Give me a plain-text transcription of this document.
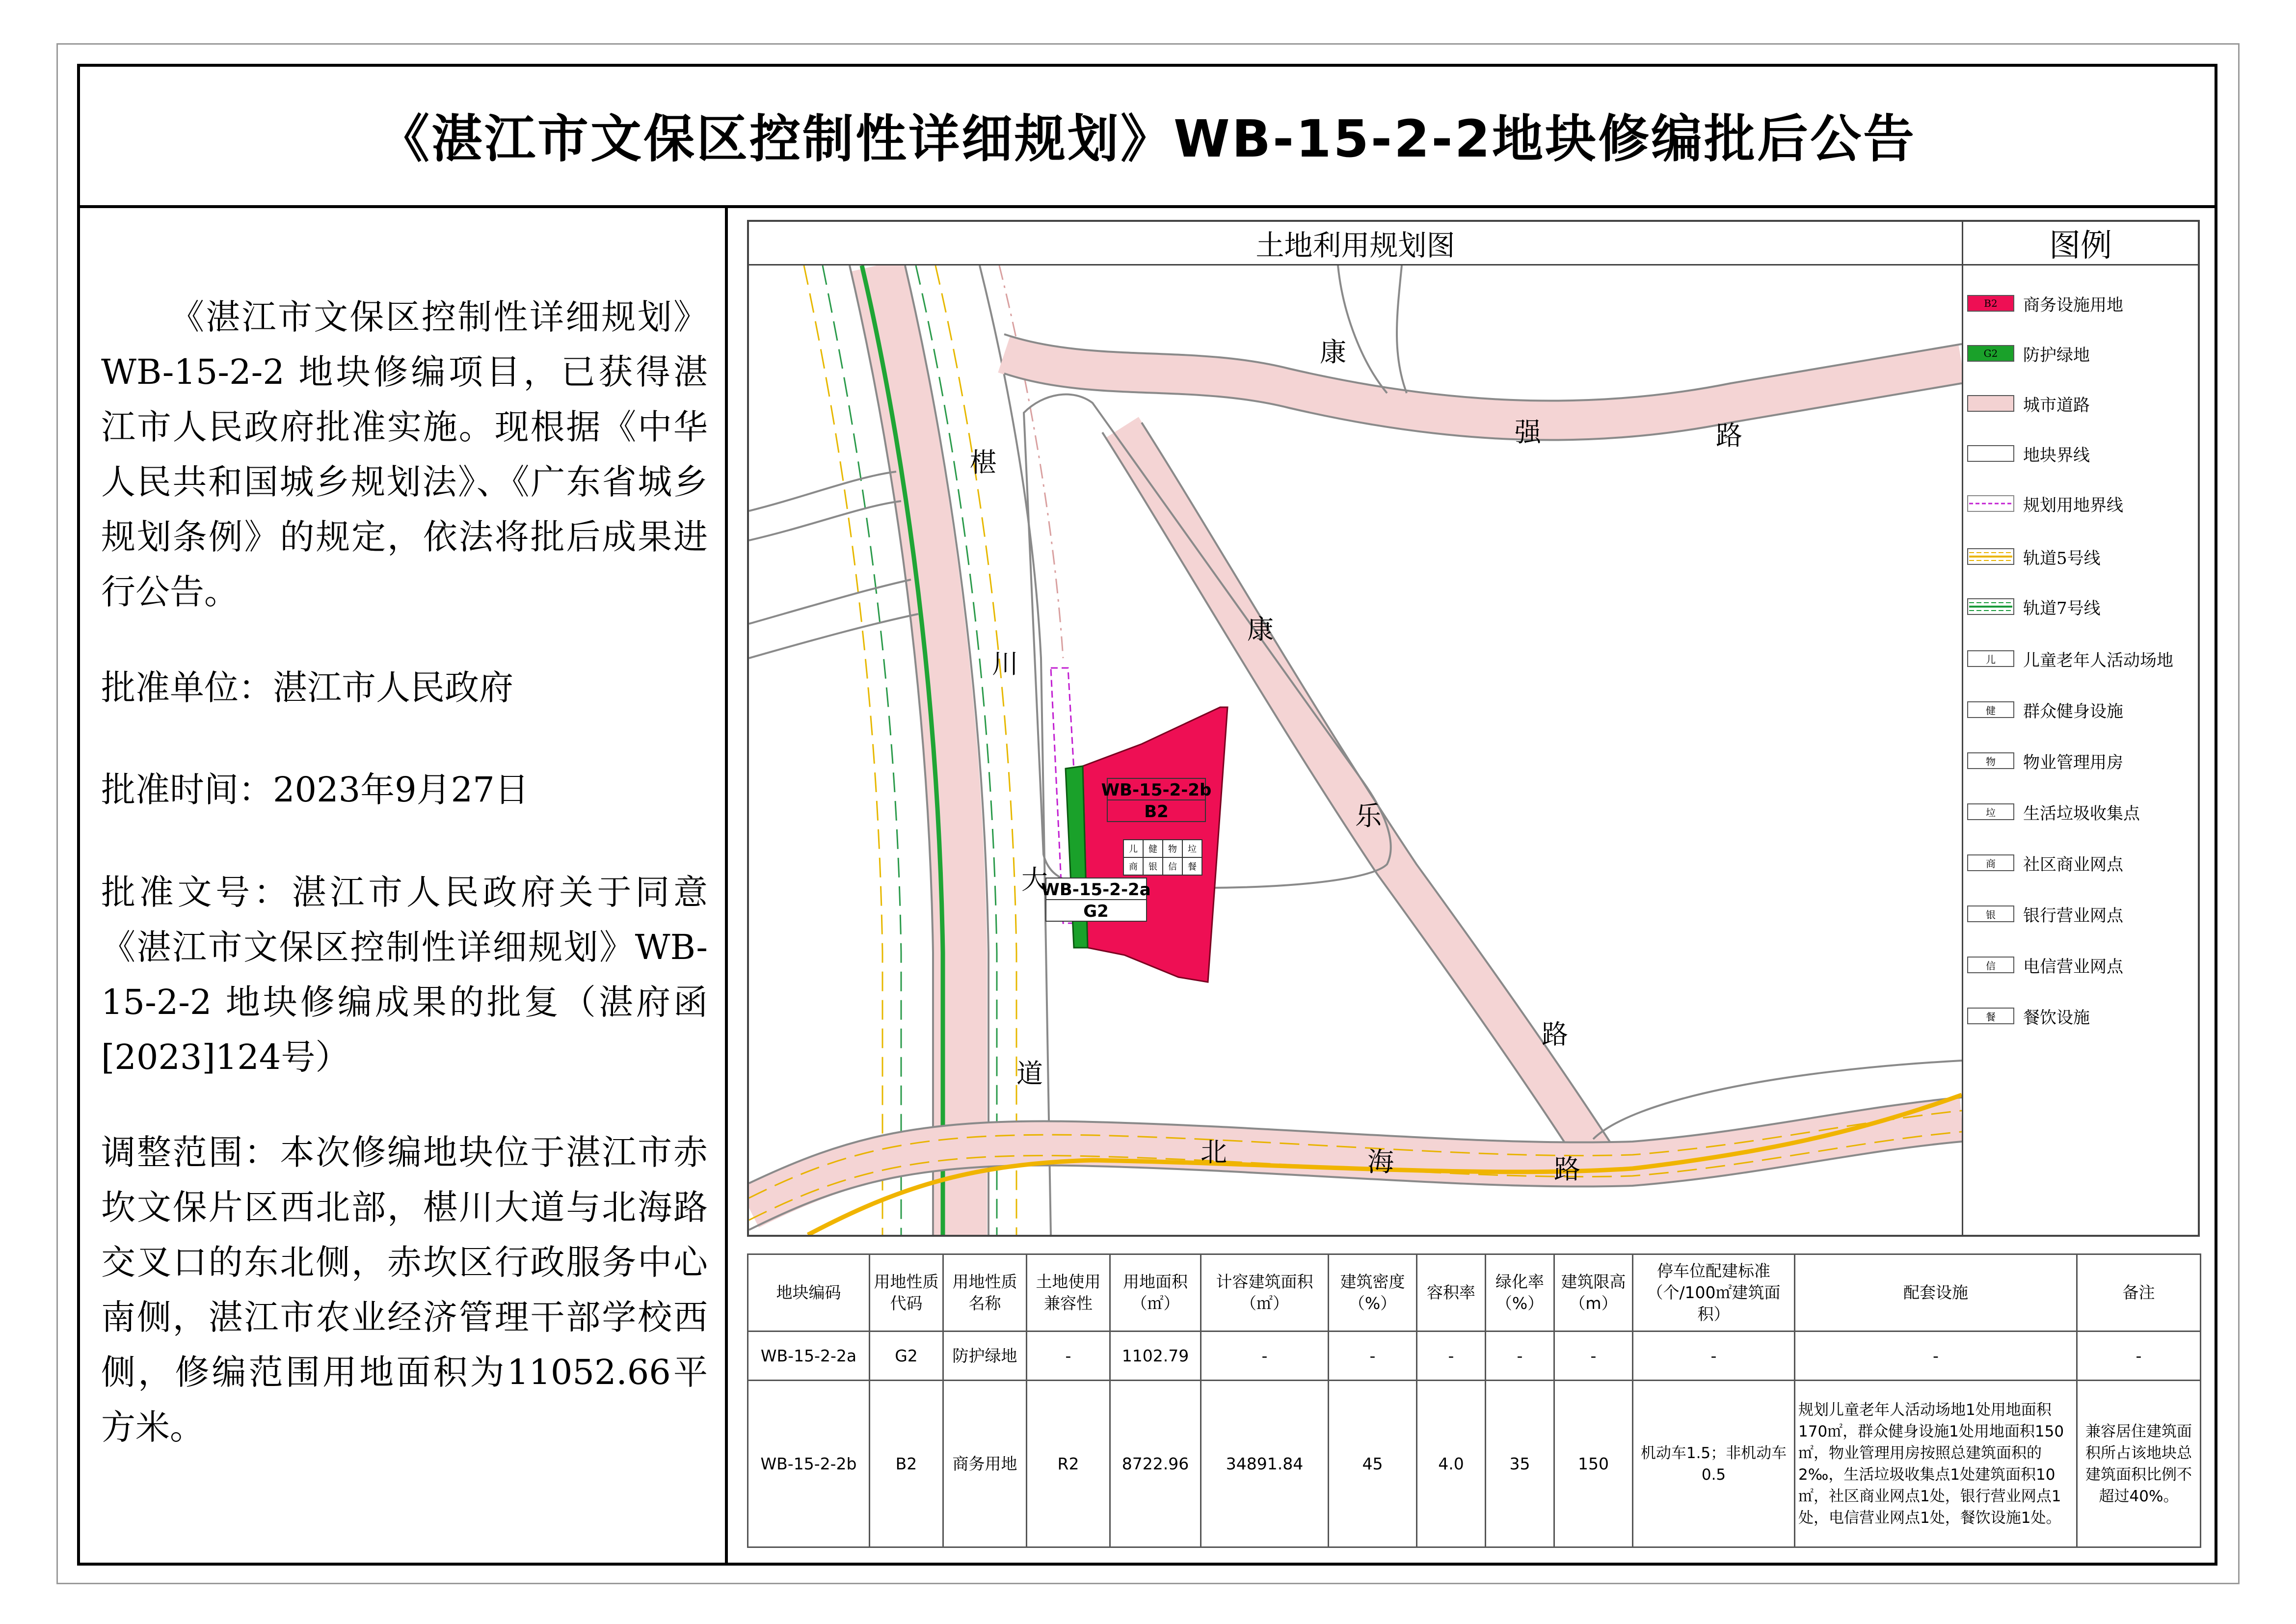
《湛江市文保区控制性详细规划》WB-15-2-2地块修编批后公告
《湛江市文保区控制性详细规划》WB-15-2-2 地块修编项目，已获得湛江市人民政府批准实施。现根据《中华人民共和国城乡规划法》、《广东省城乡规划条例》的规定，依法将批后成果进行公告。
批准单位：湛江市人民政府
批准时间：2023年9月27日
批准文号：湛江市人民政府关于同意《湛江市文保区控制性详细规划》WB-15-2-2 地块修编成果的批复（湛府函[2023]124号）
调整范围：本次修编地块位于湛江市赤坎文保片区西北部，椹川大道与北海路交叉口的东北侧，赤坎区行政服务中心南侧，湛江市农业经济管理干部学校西侧，修编范围用地面积为11052.66平方米。
土地利用规划图	图例
WB-15-2-2b
B2
儿 健 物 垃
商 银 信 餐
WB-15-2-2a
G2
椹
川
大
道
康
强	路
康
乐
路
北	海	路
B2	商务设施用地
G2	防护绿地
城市道路
地块界线
规划用地界线
轨道5号线
轨道7号线
儿	儿童老年人活动场地
健	群众健身设施
物	物业管理用房
垃	生活垃圾收集点
商	社区商业网点
银	银行营业网点
信	电信营业网点
餐	餐饮设施
地块编码	用地性质代码	用地性质名称	土地使用兼容性	用地面积（㎡）	计容建筑面积（㎡）	建筑密度（%）	容积率	绿化率（%）	建筑限高（m）	停车位配建标准（个/100㎡建筑面积）	配套设施	备注
WB-15-2-2a	G2	防护绿地	-	1102.79	-	-	-	-	-	-	-	-
WB-15-2-2b	B2	商务用地	R2	8722.96	34891.84	45	4.0	35	150	机动车1.5；非机动车0.5	规划儿童老年人活动场地1处用地面积170㎡，群众健身设施1处用地面积150㎡，物业管理用房按照总建筑面积的2‰，生活垃圾收集点1处建筑面积10㎡，社区商业网点1处，银行营业网点1处，电信营业网点1处，餐饮设施1处。	兼容居住建筑面积所占该地块总建筑面积比例不超过40%。
